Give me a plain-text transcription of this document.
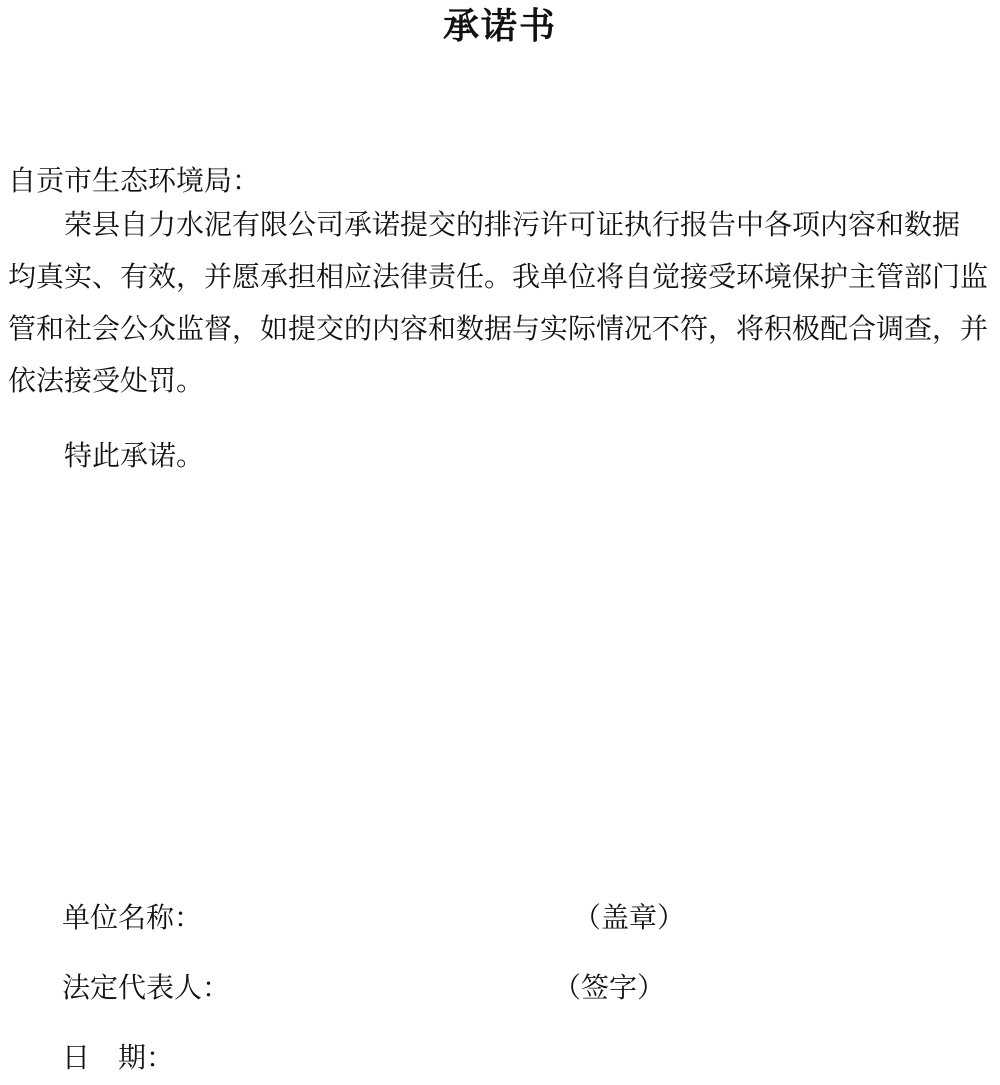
承诺书
自贡市生态环境局：
荣县自力水泥有限公司承诺提交的排污许可证执行报告中各项内容和数据
均真实、有效，并愿承担相应法律责任。我单位将自觉接受环境保护主管部门监
管和社会公众监督，如提交的内容和数据与实际情况不符，将积极配合调查，并
依法接受处罚。
特此承诺。
单位名称：	（盖章）
法定代表人：	（签字）
日　期：
